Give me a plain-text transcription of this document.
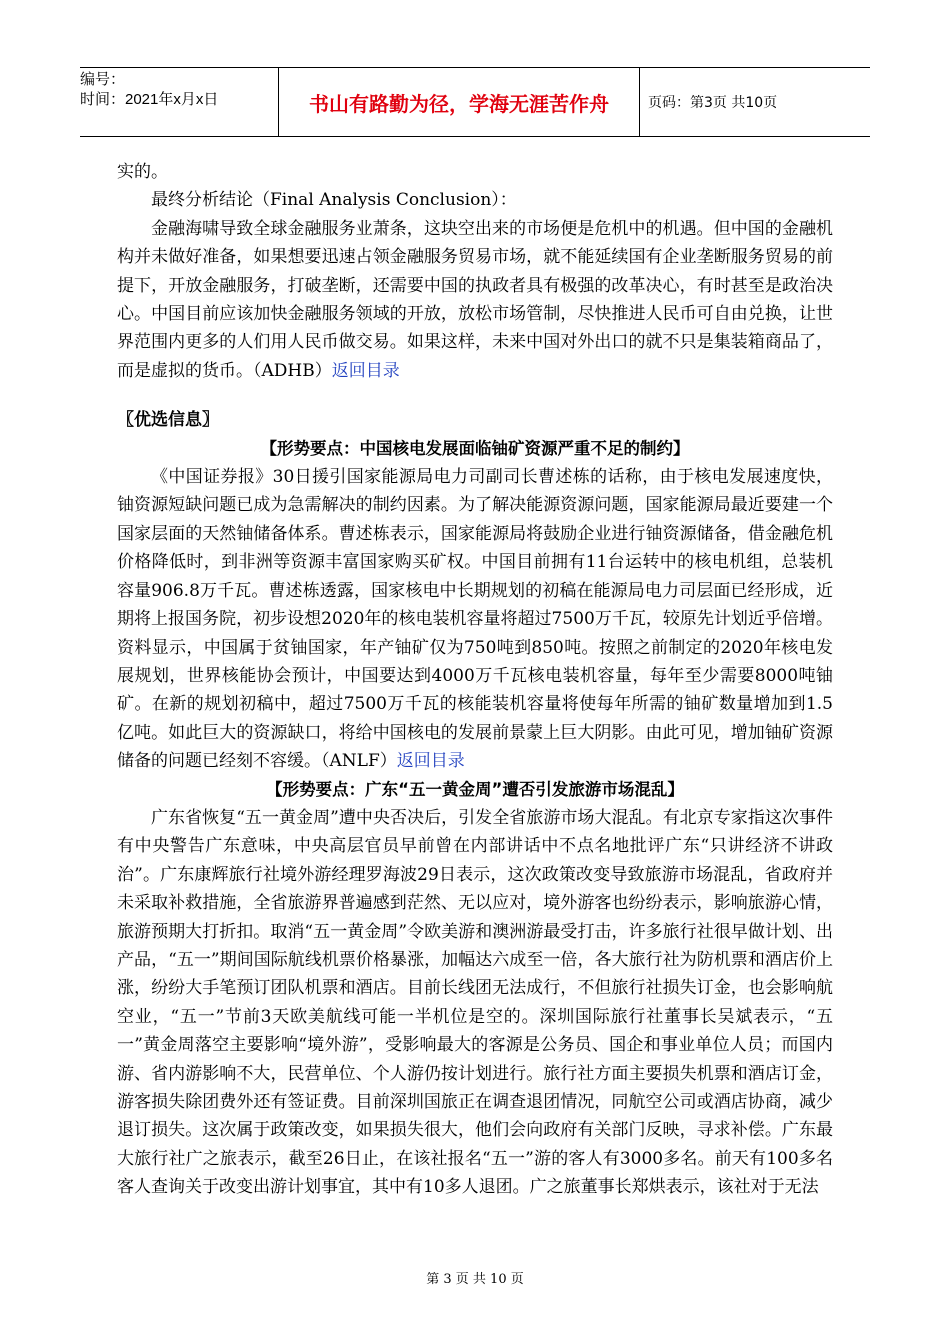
编号：
时间：2021年x月x日	书山有路勤为径，学海无涯苦作舟	页码：第3页 共10页

实的。

最终分析结论（Final Analysis Conclusion）：

金融海啸导致全球金融服务业萧条，这块空出来的市场便是危机中的机遇。但中国的金融机构并未做好准备，如果想要迅速占领金融服务贸易市场，就不能延续国有企业垄断服务贸易的前提下，开放金融服务，打破垄断，还需要中国的执政者具有极强的改革决心，有时甚至是政治决心。中国目前应该加快金融服务领域的开放，放松市场管制，尽快推进人民币可自由兑换，让世界范围内更多的人们用人民币做交易。如果这样，未来中国对外出口的就不只是集装箱商品了，而是虚拟的货币。（ADHB）返回目录

〖优选信息〗

【形势要点：中国核电发展面临铀矿资源严重不足的制约】

《中国证券报》30日援引国家能源局电力司副司长曹述栋的话称，由于核电发展速度快，铀资源短缺问题已成为急需解决的制约因素。为了解决能源资源问题，国家能源局最近要建一个国家层面的天然铀储备体系。曹述栋表示，国家能源局将鼓励企业进行铀资源储备，借金融危机价格降低时，到非洲等资源丰富国家购买矿权。中国目前拥有11台运转中的核电机组，总装机容量906.8万千瓦。曹述栋透露，国家核电中长期规划的初稿在能源局电力司层面已经形成，近期将上报国务院，初步设想2020年的核电装机容量将超过7500万千瓦，较原先计划近乎倍增。资料显示，中国属于贫铀国家，年产铀矿仅为750吨到850吨。按照之前制定的2020年核电发展规划，世界核能协会预计，中国要达到4000万千瓦核电装机容量，每年至少需要8000吨铀矿。在新的规划初稿中，超过7500万千瓦的核能装机容量将使每年所需的铀矿数量增加到1.5亿吨。如此巨大的资源缺口，将给中国核电的发展前景蒙上巨大阴影。由此可见，增加铀矿资源储备的问题已经刻不容缓。（ANLF）返回目录

【形势要点：广东“五一黄金周”遭否引发旅游市场混乱】

广东省恢复“五一黄金周”遭中央否决后，引发全省旅游市场大混乱。有北京专家指这次事件有中央警告广东意味，中央高层官员早前曾在内部讲话中不点名地批评广东“只讲经济不讲政治”。广东康辉旅行社境外游经理罗海波29日表示，这次政策改变导致旅游市场混乱，省政府并未采取补救措施，全省旅游界普遍感到茫然、无以应对，境外游客也纷纷表示，影响旅游心情，旅游预期大打折扣。取消“五一黄金周”令欧美游和澳洲游最受打击，许多旅行社很早做计划、出产品，“五一”期间国际航线机票价格暴涨，加幅达六成至一倍，各大旅行社为防机票和酒店价上涨，纷纷大手笔预订团队机票和酒店。目前长线团无法成行，不但旅行社损失订金，也会影响航空业，“五一”节前3天欧美航线可能一半机位是空的。深圳国际旅行社董事长吴斌表示，“五一”黄金周落空主要影响“境外游”，受影响最大的客源是公务员、国企和事业单位人员；而国内游、省内游影响不大，民营单位、个人游仍按计划进行。旅行社方面主要损失机票和酒店订金，游客损失除团费外还有签证费。目前深圳国旅正在调查退团情况，同航空公司或酒店协商，减少退订损失。这次属于政策改变，如果损失很大，他们会向政府有关部门反映，寻求补偿。广东最大旅行社广之旅表示，截至26日止，在该社报名“五一”游的客人有3000多名。前天有100多名客人查询关于改变出游计划事宜，其中有10多人退团。广之旅董事长郑烘表示，该社对于无法

第 3 页 共 10 页
